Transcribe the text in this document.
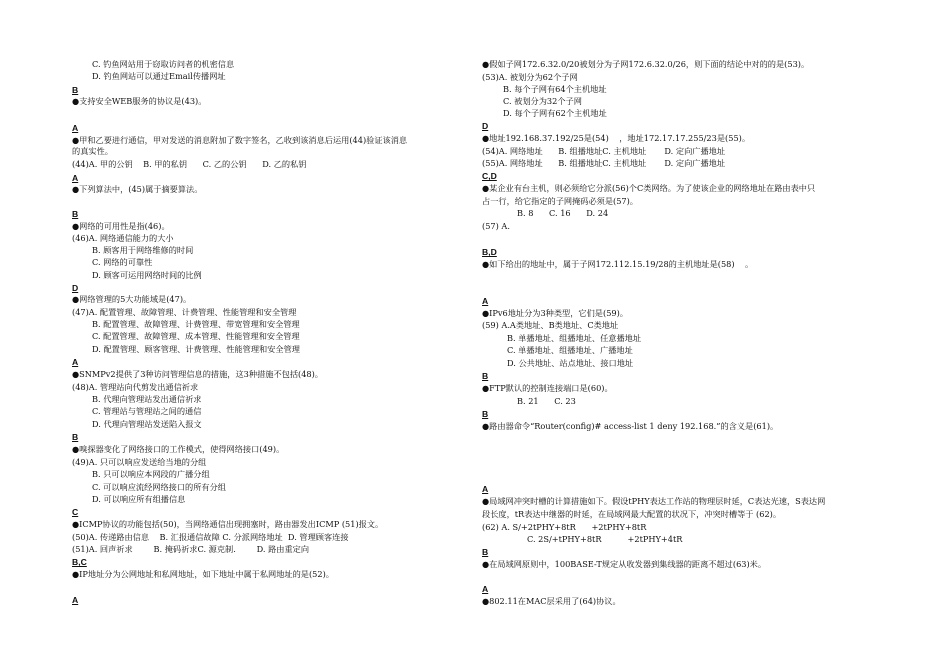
C. 钓鱼网站用于窃取访问者的机密信息
D. 钓鱼网站可以通过Email传播网址
B
●支持安全WEB服务的协议是(43)。
A
●甲和乙要进行通信，甲对发送的消息附加了数字签名，乙收到该消息后运用(44)验证该消息
的真实性。
(44)A. 甲的公钥    B. 甲的私钥      C. 乙的公钥      D. 乙的私钥
A
●下列算法中，(45)属于摘要算法。
B
●网络的可用性是指(46)。
(46)A. 网络通信能力的大小
B. 顾客用于网络维修的时间
C. 网络的可靠性
D. 顾客可运用网络时间的比例
D
●网络管理的5大功能域是(47)。
(47)A. 配置管理、故障管理、计费管理、性能管理和安全管理
B. 配置管理、故障管理、计费管理、带宽管理和安全管理
C. 配置管理、故障管理、成本管理、性能管理和安全管理
D. 配置管理、顾客管理、计费管理、性能管理和安全管理
A
●SNMPv2提供了3种访问管理信息的措施，这3种措施不包括(48)。
(48)A. 管理站向代剪发出通信祈求
B. 代理向管理站发出通信祈求
C. 管理站与管理站之间的通信
D. 代理向管理站发送陷入报文
B
●嗅探器变化了网络接口的工作模式，使得网络接口(49)。
(49)A. 只可以响应发送给当地的分组
B. 只可以响应本网段的广播分组
C. 可以响应流经网络接口的所有分组
D. 可以响应所有组播信息
C
●ICMP协议的功能包括(50)，当网络通信出现拥塞时，路由器发出ICMP (51)报文。
(50)A. 传递路由信息    B. 汇报通信故障 C. 分派网络地址  D. 管理顾客连接
(51)A. 回声祈求        B. 掩码祈求C. 源克制.        D. 路由重定向
B,C
●IP地址分为公网地址和私网地址，如下地址中属于私网地址的是(52)。
A
●假如子网172.6.32.0/20被划分为子网172.6.32.0/26，则下面的结论中对的的是(53)。
(53)A. 被划分为62个子网
B. 每个子网有64个主机地址
C. 被划分为32个子网
D. 每个子网有62个主机地址
D
●地址192.168.37.192/25是(54)    ，地址172.17.17.255/23是(55)。
(54)A. 网络地址      B. 组播地址C. 主机地址       D. 定向广播地址
(55)A. 网络地址      B. 组播地址C. 主机地址       D. 定向广播地址
C,D
●某企业有台主机，则必须给它分派(56)个C类网络。为了使该企业的网络地址在路由表中只
占一行，给它指定的子网掩码必须是(57)。
B. 8      C. 16      D. 24
(57) A.
B,D
●如下给出的地址中，属于子网172.112.15.19/28的主机地址是(58)    。
A
●IPv6地址分为3种类型，它们是(59)。
(59) A.A类地址、B类地址、C类地址
B. 单播地址、组播地址、任意播地址
C. 单播地址、组播地址、广播地址
D. 公共地址、站点地址、接口地址
B
●FTP默认的控制连接端口是(60)。
B. 21      C. 23
B
●路由器命令“Router(config)# access-list 1 deny 192.168.”的含义是(61)。
A
●局域网冲突时槽的计算措施如下。假设tPHY表达工作站的物理层时延，C表达光速，S表达网
段长度，tR表达中继器的时延，在局域网最大配置的状况下，冲突时槽等于 (62)。
(62) A. S/+2tPHY+8tR      +2tPHY+8tR
C. 2S/+tPHY+8tR          +2tPHY+4tR
B
●在局域网原则中，100BASE-T规定从收发器到集线器的距离不超过(63)米。
A
●802.11在MAC层采用了(64)协议。
